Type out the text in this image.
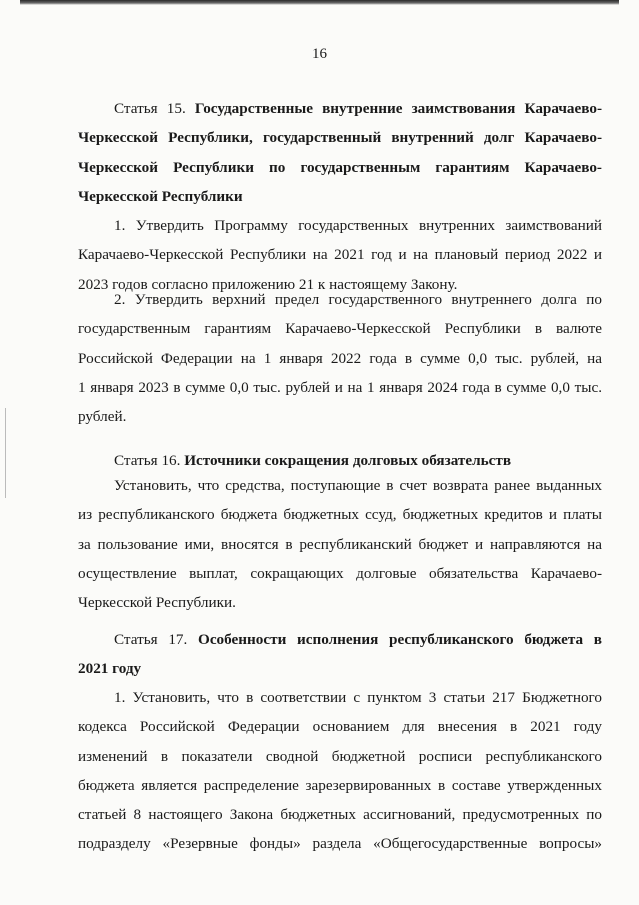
16
Статья 15. Государственные внутренние заимствования Карачаево-
Черкесской Республики, государственный внутренний долг Карачаево-
Черкесской Республики по государственным гарантиям Карачаево-
Черкесской Республики
1. Утвердить Программу государственных внутренних заимствований
Карачаево-Черкесской Республики на 2021 год и на плановый период 2022 и
2023 годов согласно приложению 21 к настоящему Закону.
2. Утвердить верхний предел государственного внутреннего долга по
государственным гарантиям Карачаево-Черкесской Республики в валюте
Российской Федерации на 1 января 2022 года в сумме 0,0 тыс. рублей, на
1 января 2023 в сумме 0,0 тыс. рублей и на 1 января 2024 года в сумме 0,0 тыс.
рублей.
Статья 16. Источники сокращения долговых обязательств
Установить, что средства, поступающие в счет возврата ранее выданных
из республиканского бюджета бюджетных ссуд, бюджетных кредитов и платы
за пользование ими, вносятся в республиканский бюджет и направляются на
осуществление выплат, сокращающих долговые обязательства Карачаево-
Черкесской Республики.
Статья 17. Особенности исполнения республиканского бюджета в
2021 году
1. Установить, что в соответствии с пунктом 3 статьи 217 Бюджетного
кодекса Российской Федерации основанием для внесения в 2021 году
изменений в показатели сводной бюджетной росписи республиканского
бюджета является распределение зарезервированных в составе утвержденных
статьей 8 настоящего Закона бюджетных ассигнований, предусмотренных по
подразделу «Резервные фонды» раздела «Общегосударственные вопросы»
